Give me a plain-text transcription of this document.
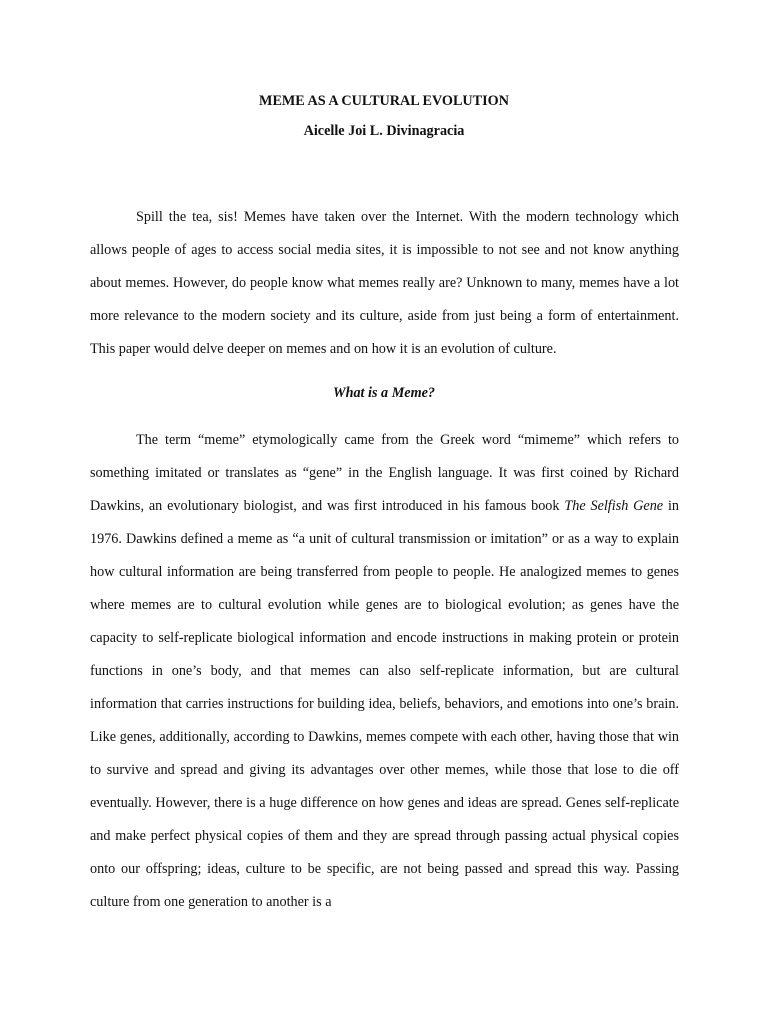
MEME AS A CULTURAL EVOLUTION
Aicelle Joi L. Divinagracia

Spill the tea, sis! Memes have taken over the Internet. With the modern technology which allows people of ages to access social media sites, it is impossible to not see and not know anything about memes. However, do people know what memes really are? Unknown to many, memes have a lot more relevance to the modern society and its culture, aside from just being a form of entertainment. This paper would delve deeper on memes and on how it is an evolution of culture.

What is a Meme?

The term “meme” etymologically came from the Greek word “mimeme” which refers to something imitated or translates as “gene” in the English language. It was first coined by Richard Dawkins, an evolutionary biologist, and was first introduced in his famous book The Selfish Gene in 1976. Dawkins defined a meme as “a unit of cultural transmission or imitation” or as a way to explain how cultural information are being transferred from people to people. He analogized memes to genes where memes are to cultural evolution while genes are to biological evolution; as genes have the capacity to self-replicate biological information and encode instructions in making protein or protein functions in one’s body, and that memes can also self-replicate information, but are cultural information that carries instructions for building idea, beliefs, behaviors, and emotions into one’s brain. Like genes, additionally, according to Dawkins, memes compete with each other, having those that win to survive and spread and giving its advantages over other memes, while those that lose to die off eventually. However, there is a huge difference on how genes and ideas are spread. Genes self-replicate and make perfect physical copies of them and they are spread through passing actual physical copies onto our offspring; ideas, culture to be specific, are not being passed and spread this way. Passing culture from one generation to another is a
